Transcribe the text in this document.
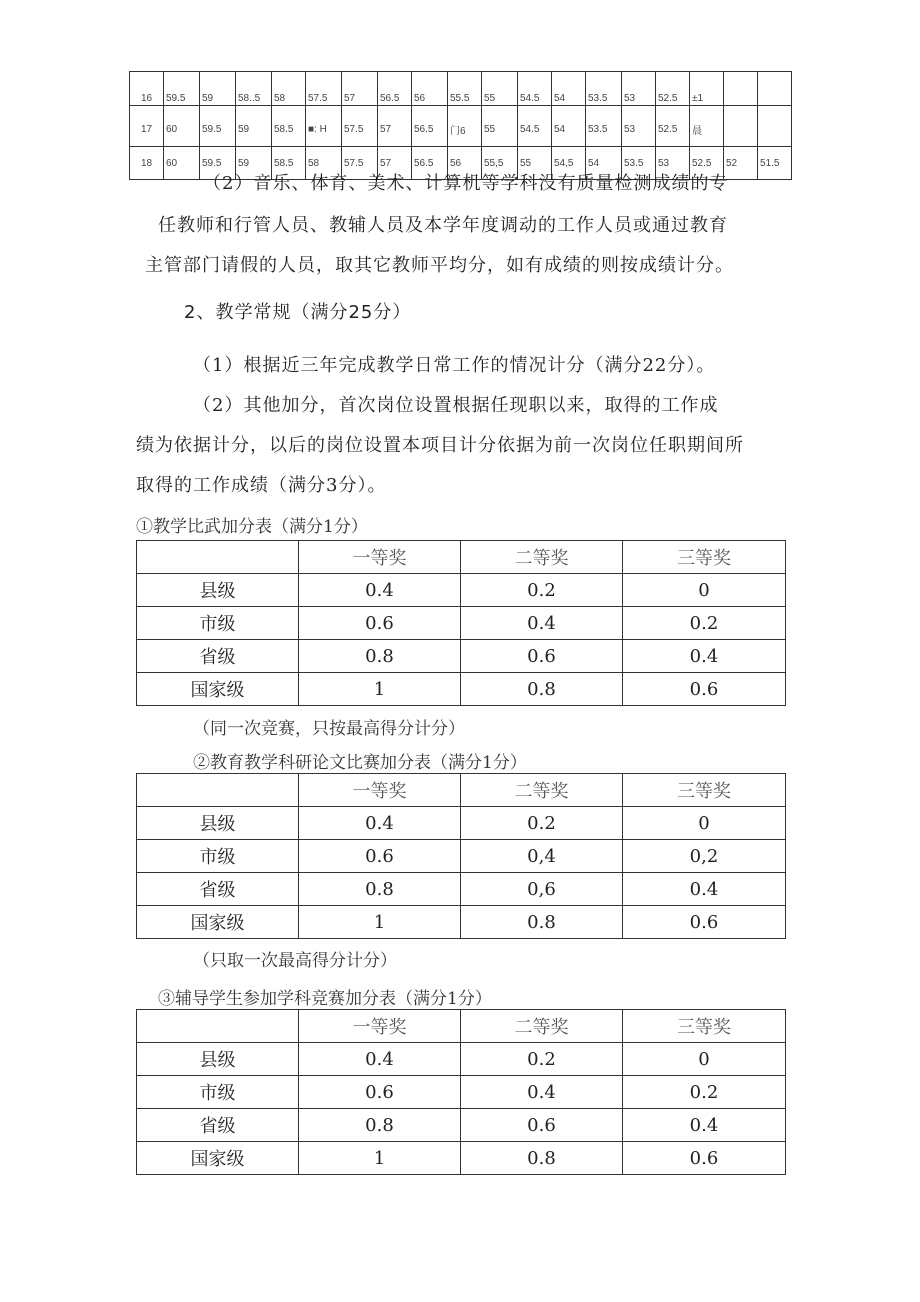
16	59.5	59	58..5	58	57.5	57	56.5	56	55.5	55	54.5	54	53.5	53	52.5	±1		
17	60	59.5	59	58.5	■: H	57.5	57	56.5	门6	55	54.5	54	53.5	53	52.5	晨		
18	60	59.5	59	58.5	58	57.5	57	56.5	56	55,5	55	54,5	54	53.5	53	52.5	52	51.5
（2）音乐、体育、美术、计算机等学科没有质量检测成绩的专
任教师和行管人员、教辅人员及本学年度调动的工作人员或通过教育
主管部门请假的人员，取其它教师平均分，如有成绩的则按成绩计分。
2、教学常规（满分25分）
（1）根据近三年完成教学日常工作的情况计分（满分22分）。
（2）其他加分，首次岗位设置根据任现职以来，取得的工作成
绩为依据计分，以后的岗位设置本项目计分依据为前一次岗位任职期间所
取得的工作成绩（满分3分）。
①教学比武加分表（满分1分）
	一等奖	二等奖	三等奖
县级	0.4	0.2	0
市级	0.6	0.4	0.2
省级	0.8	0.6	0.4
国家级	1	0.8	0.6
（同一次竞赛，只按最高得分计分）
②教育教学科研论文比赛加分表（满分1分）
	一等奖	二等奖	三等奖
县级	0.4	0.2	0
市级	0.6	0,4	0,2
省级	0.8	0,6	0.4
国家级	1	0.8	0.6
（只取一次最高得分计分）
③辅导学生参加学科竞赛加分表（满分1分）
	一等奖	二等奖	三等奖
县级	0.4	0.2	0
市级	0.6	0.4	0.2
省级	0.8	0.6	0.4
国家级	1	0.8	0.6
